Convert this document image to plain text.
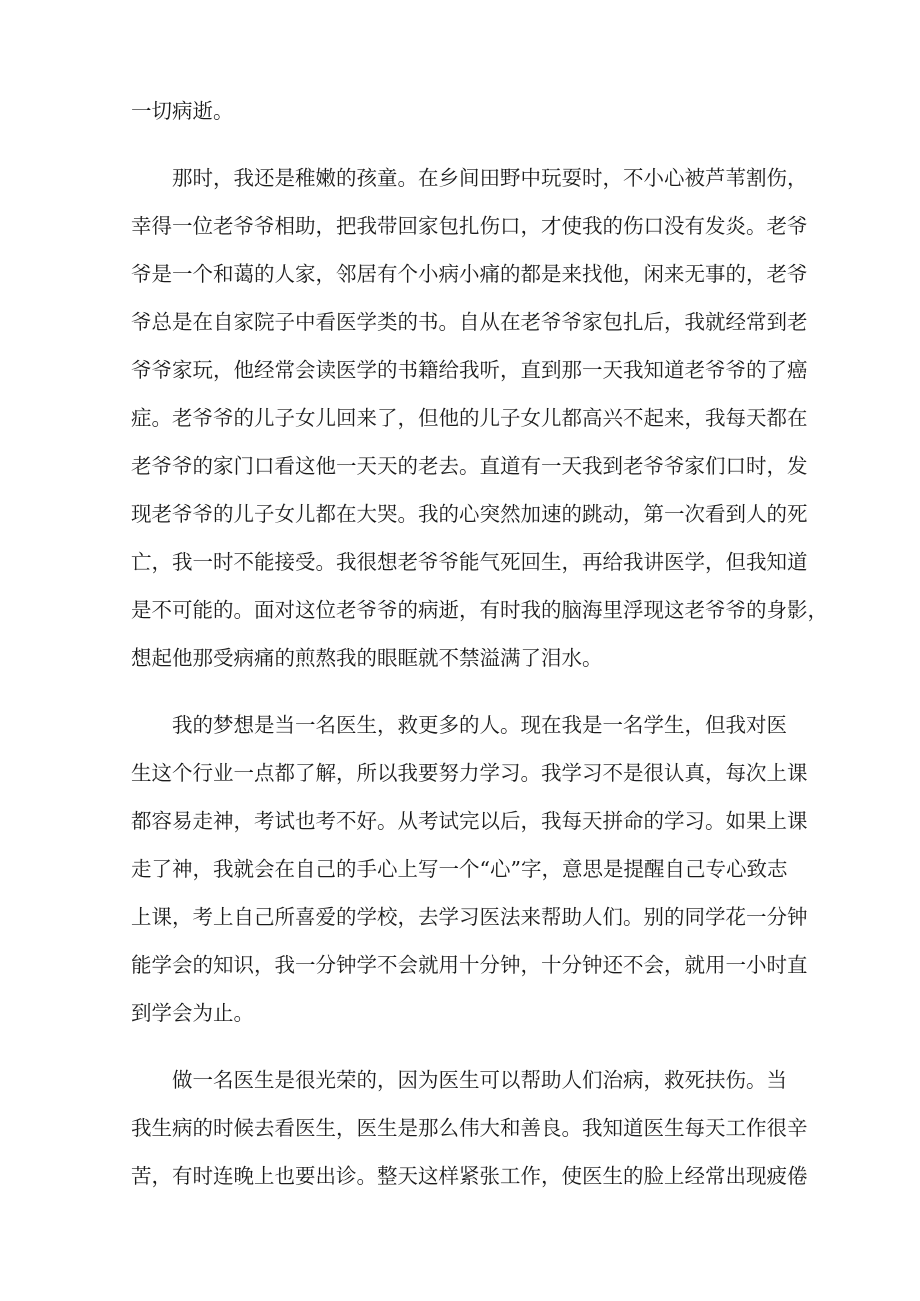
一切病逝。
那时，我还是稚嫩的孩童。在乡间田野中玩耍时，不小心被芦苇割伤，
幸得一位老爷爷相助，把我带回家包扎伤口，才使我的伤口没有发炎。老爷
爷是一个和蔼的人家，邻居有个小病小痛的都是来找他，闲来无事的，老爷
爷总是在自家院子中看医学类的书。自从在老爷爷家包扎后，我就经常到老
爷爷家玩，他经常会读医学的书籍给我听，直到那一天我知道老爷爷的了癌
症。老爷爷的儿子女儿回来了，但他的儿子女儿都高兴不起来，我每天都在
老爷爷的家门口看这他一天天的老去。直道有一天我到老爷爷家们口时，发
现老爷爷的儿子女儿都在大哭。我的心突然加速的跳动，第一次看到人的死
亡，我一时不能接受。我很想老爷爷能气死回生，再给我讲医学，但我知道
是不可能的。面对这位老爷爷的病逝，有时我的脑海里浮现这老爷爷的身影，
想起他那受病痛的煎熬我的眼眶就不禁溢满了泪水。
我的梦想是当一名医生，救更多的人。现在我是一名学生，但我对医
生这个行业一点都了解，所以我要努力学习。我学习不是很认真，每次上课
都容易走神，考试也考不好。从考试完以后，我每天拼命的学习。如果上课
走了神，我就会在自己的手心上写一个“心”字，意思是提醒自己专心致志
上课，考上自己所喜爱的学校，去学习医法来帮助人们。别的同学花一分钟
能学会的知识，我一分钟学不会就用十分钟，十分钟还不会，就用一小时直
到学会为止。
做一名医生是很光荣的，因为医生可以帮助人们治病，救死扶伤。当
我生病的时候去看医生，医生是那么伟大和善良。我知道医生每天工作很辛
苦，有时连晚上也要出诊。整天这样紧张工作，使医生的脸上经常出现疲倦
